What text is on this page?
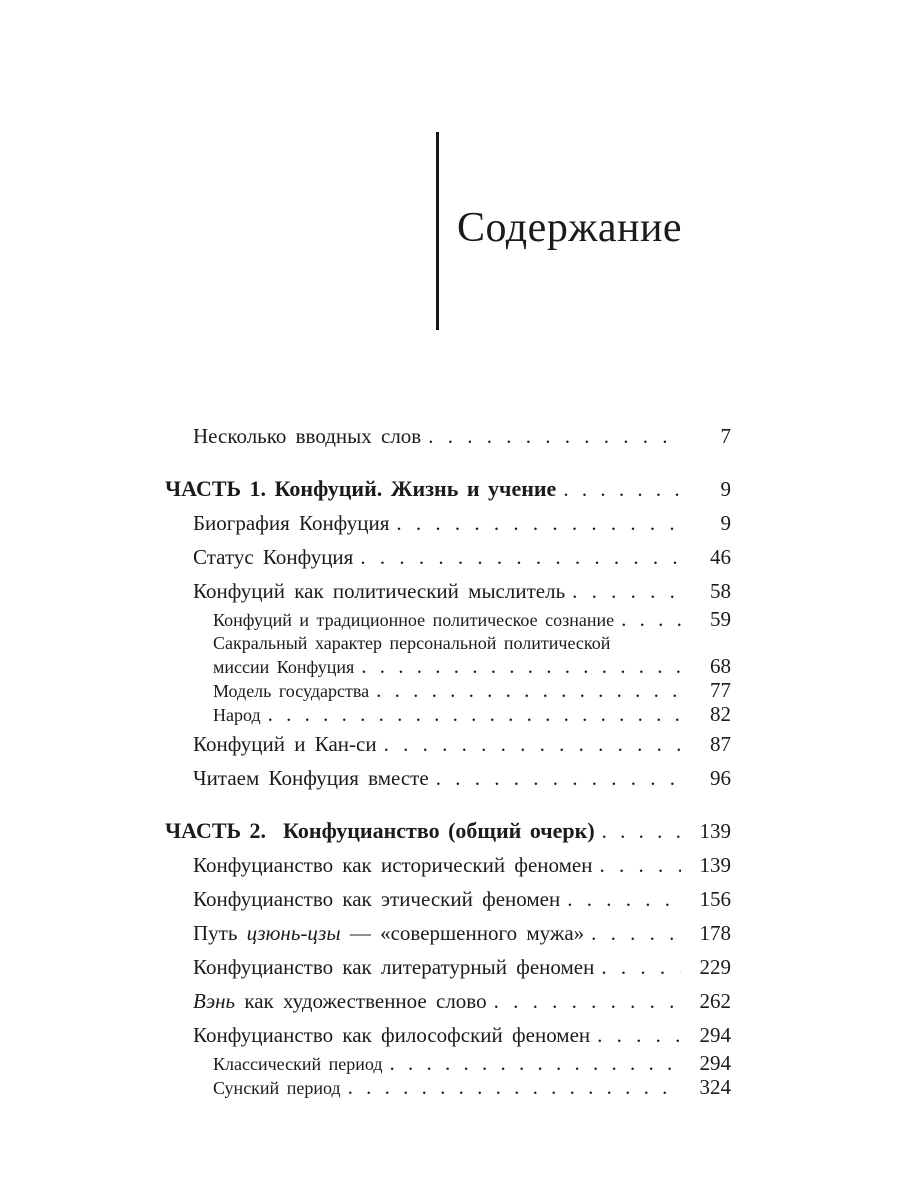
Содержание
Несколько вводных слов . . .	7
ЧАСТЬ 1. Конфуций. Жизнь и учение . . .	9
Биография Конфуция . . .	9
Статус Конфуция . . .	46
Конфуций как политический мыслитель . . .	58
Конфуций и традиционное политическое сознание . . .	59
Сакральный характер персональной политической
миссии Конфуция . . .	68
Модель государства . . .	77
Народ . . .	82
Конфуций и Кан-си . . .	87
Читаем Конфуция вместе . . .	96
ЧАСТЬ 2.  Конфуцианство (общий очерк) . . .	139
Конфуцианство как исторический феномен . . .	139
Конфуцианство как этический феномен . . .	156
Путь цзюнь-цзы — «совершенного мужа» . . .	178
Конфуцианство как литературный феномен . . .	229
Вэнь как художественное слово . . .	262
Конфуцианство как философский феномен . . .	294
Классический период . . .	294
Сунский период . . .	324
